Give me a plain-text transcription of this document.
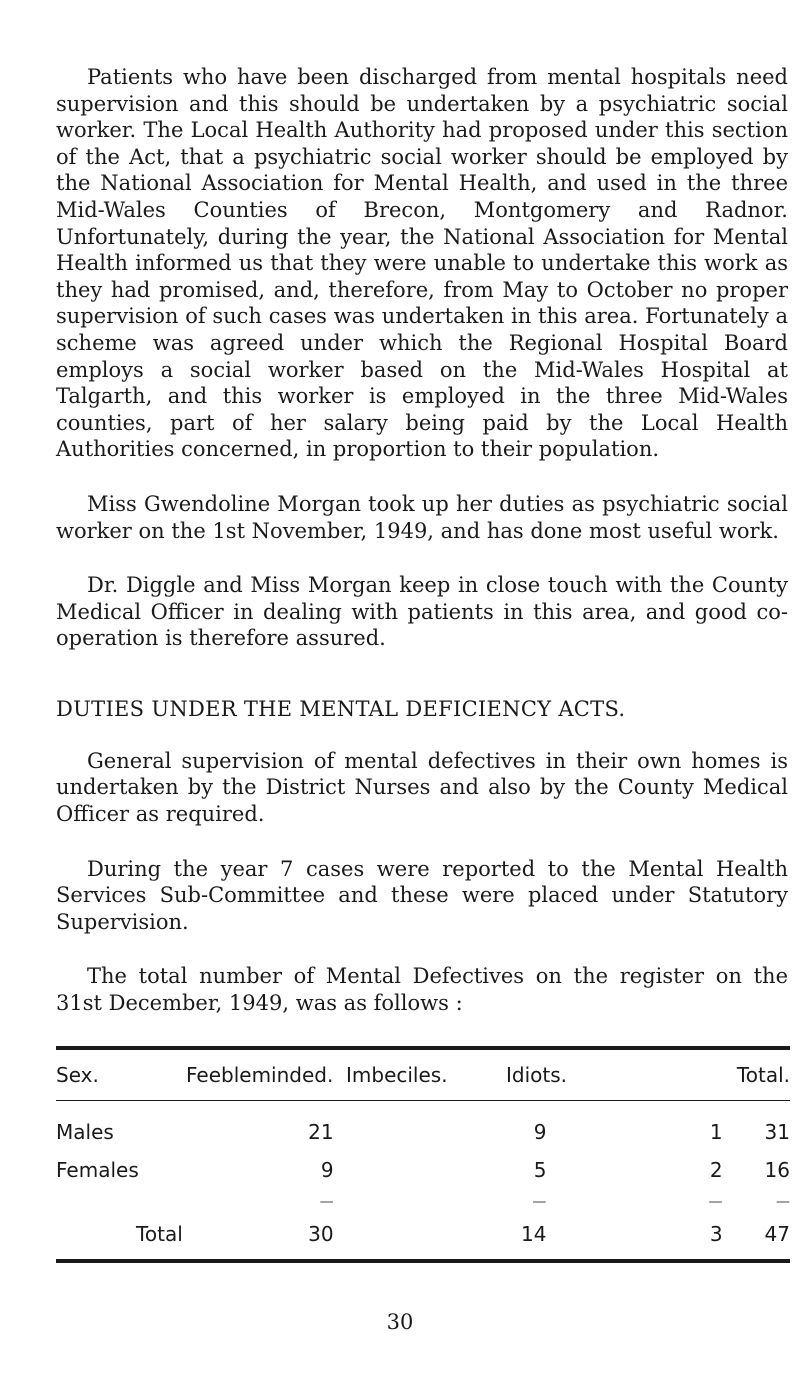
Patients who have been discharged from mental hospitals need supervision and this should be undertaken by a psychiatric social worker. The Local Health Authority had proposed under this section of the Act, that a psychiatric social worker should be employed by the National Association for Mental Health, and used in the three Mid-Wales Counties of Brecon, Montgomery and Radnor. Unfortunately, during the year, the National Association for Mental Health informed us that they were unable to undertake this work as they had promised, and, therefore, from May to October no proper supervision of such cases was undertaken in this area. Fortunately a scheme was agreed under which the Regional Hospital Board employs a social worker based on the Mid-Wales Hospital at Talgarth, and this worker is employed in the three Mid-Wales counties, part of her salary being paid by the Local Health Authorities concerned, in proportion to their population.

Miss Gwendoline Morgan took up her duties as psychiatric social worker on the 1st November, 1949, and has done most useful work.

Dr. Diggle and Miss Morgan keep in close touch with the County Medical Officer in dealing with patients in this area, and good co-operation is therefore assured.

DUTIES UNDER THE MENTAL DEFICIENCY ACTS.

General supervision of mental defectives in their own homes is undertaken by the District Nurses and also by the County Medical Officer as required.

During the year 7 cases were reported to the Mental Health Services Sub-Committee and these were placed under Statutory Supervision.

The total number of Mental Defectives on the register on the 31st December, 1949, was as follows :

Sex.	Feebleminded.	Imbeciles.	Idiots.	Total.

Males	21	9	1	31
Females	9	5	2	16
	—	—	—	—
Total	30	14	3	47

30
